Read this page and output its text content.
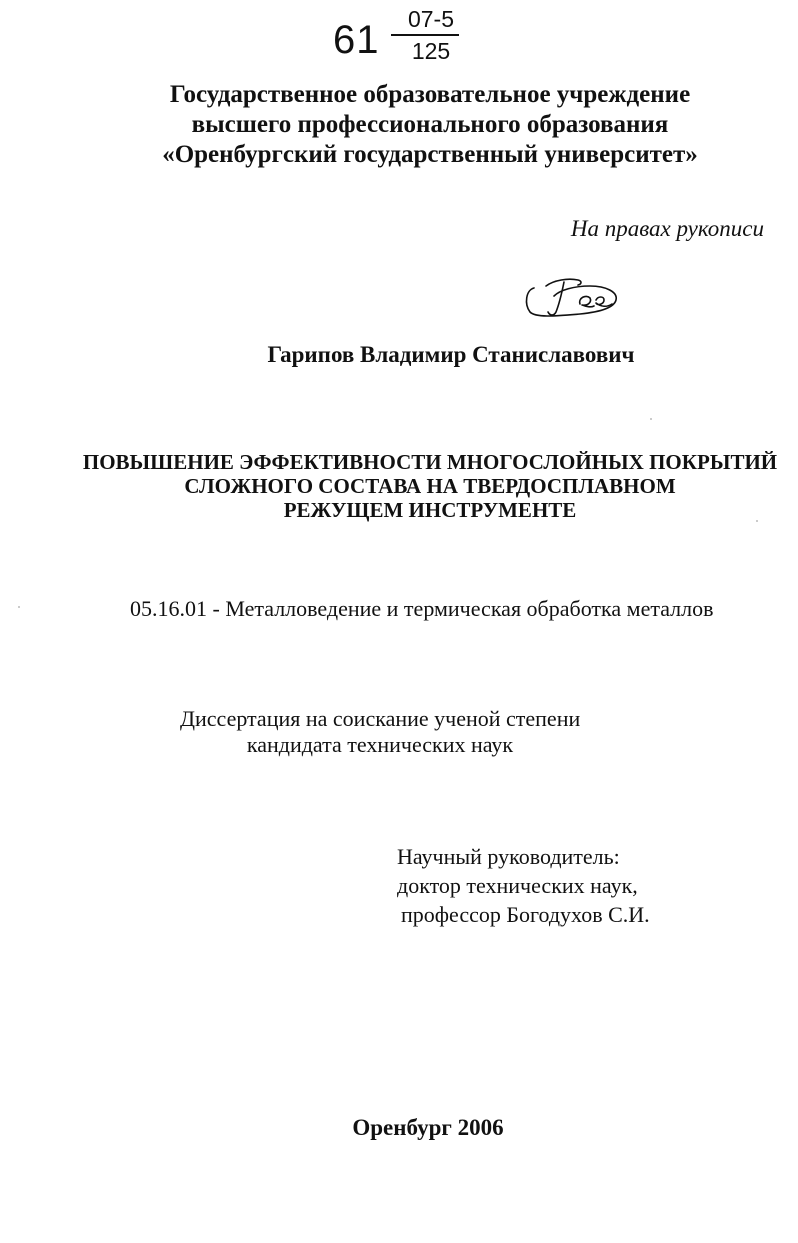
61	07-5
125
Государственное образовательное учреждение
высшего профессионального образования
«Оренбургский государственный университет»
На правах рукописи
Гарипов Владимир Станиславович
ПОВЫШЕНИЕ ЭФФЕКТИВНОСТИ МНОГОСЛОЙНЫХ ПОКРЫТИЙ
СЛОЖНОГО СОСТАВА НА ТВЕРДОСПЛАВНОМ
РЕЖУЩЕМ ИНСТРУМЕНТЕ
05.16.01 - Металловедение и термическая обработка металлов
Диссертация на соискание ученой степени
кандидата технических наук
Научный руководитель:
доктор технических наук,
профессор Богодухов С.И.
Оренбург 2006
